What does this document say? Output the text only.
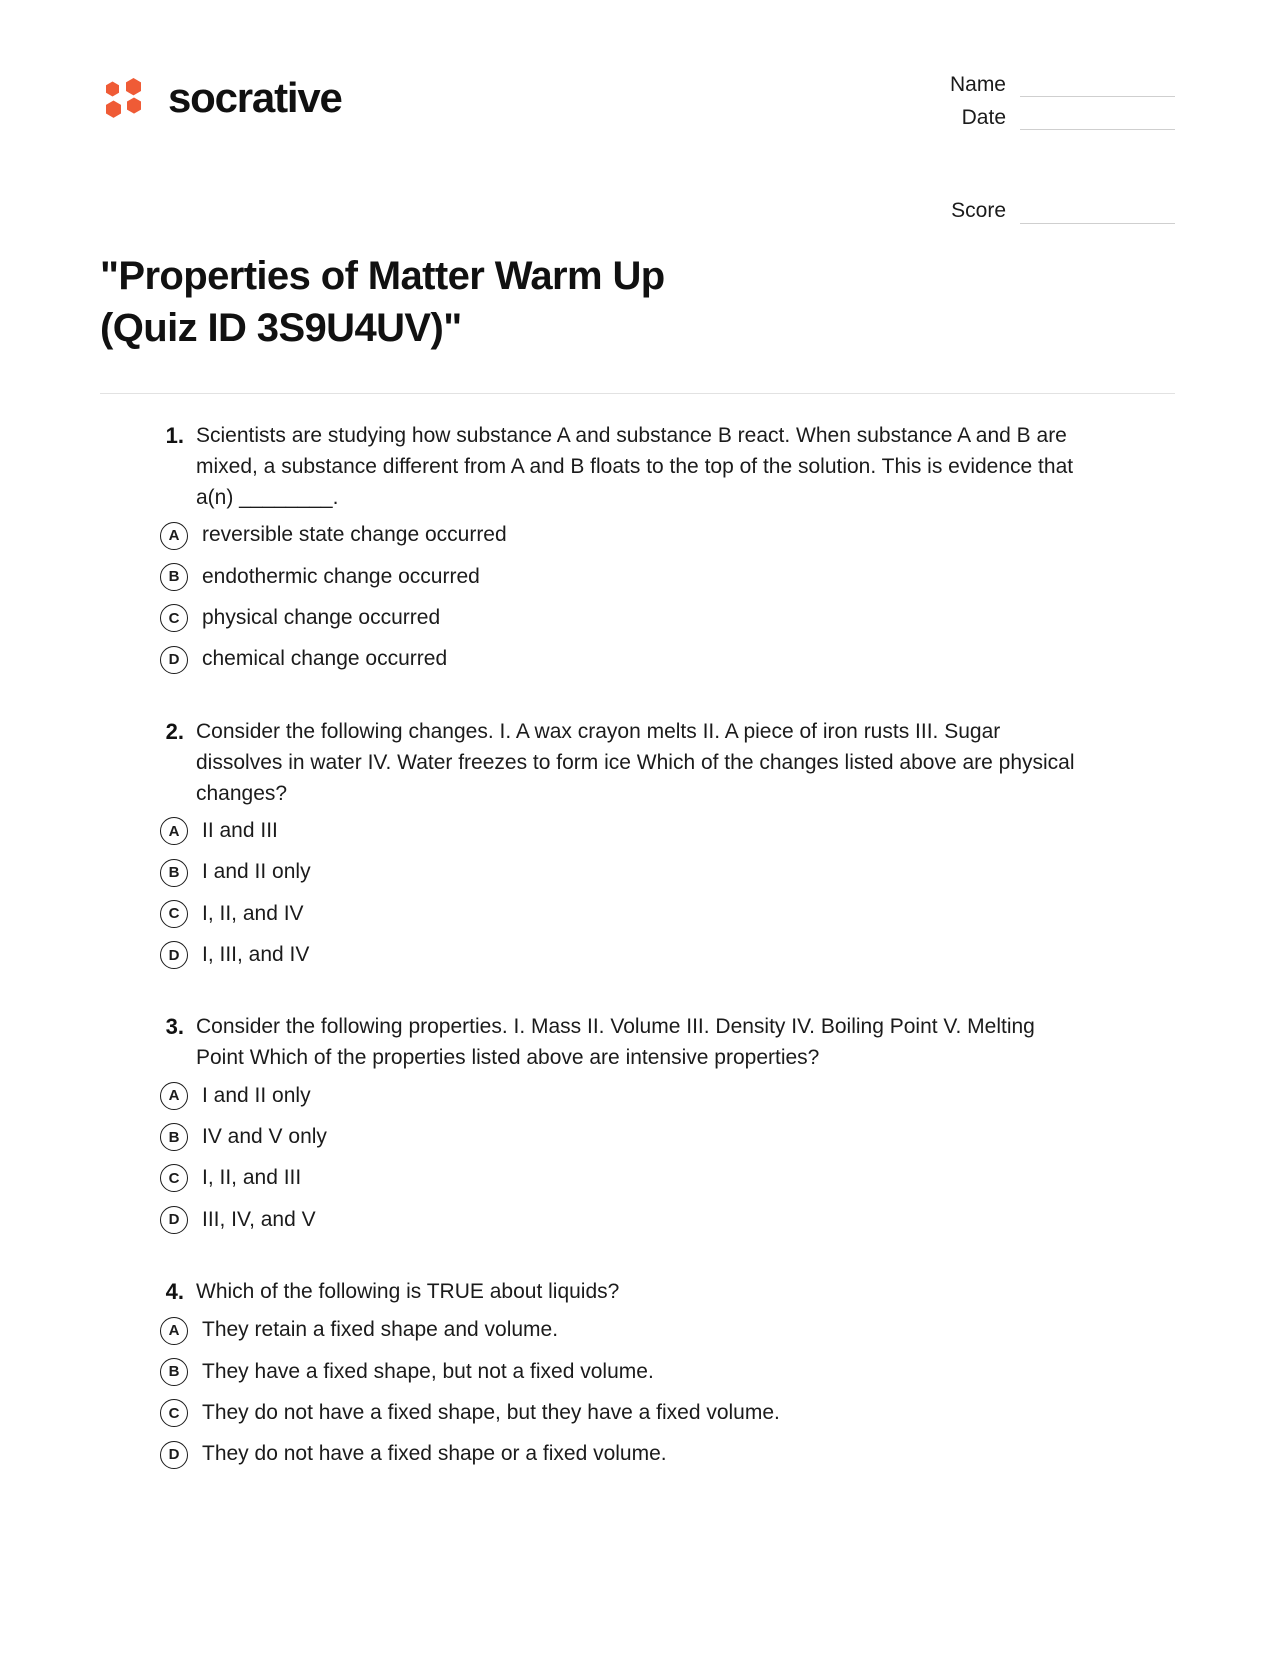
socrative	Name
Date
Score
"Properties of Matter Warm Up (Quiz ID 3S9U4UV)"
1. Scientists are studying how substance A and substance B react. When substance A and B are mixed, a substance different from A and B floats to the top of the solution. This is evidence that a(n) ________.
A	reversible state change occurred
B	endothermic change occurred
C	physical change occurred
D	chemical change occurred
2. Consider the following changes. I. A wax crayon melts II. A piece of iron rusts III. Sugar dissolves in water IV. Water freezes to form ice Which of the changes listed above are physical changes?
A	II and III
B	I and II only
C	I, II, and IV
D	I, III, and IV
3. Consider the following properties. I. Mass II. Volume III. Density IV. Boiling Point V. Melting Point Which of the properties listed above are intensive properties?
A	I and II only
B	IV and V only
C	I, II, and III
D	III, IV, and V
4. Which of the following is TRUE about liquids?
A	They retain a fixed shape and volume.
B	They have a fixed shape, but not a fixed volume.
C	They do not have a fixed shape, but they have a fixed volume.
D	They do not have a fixed shape or a fixed volume.
